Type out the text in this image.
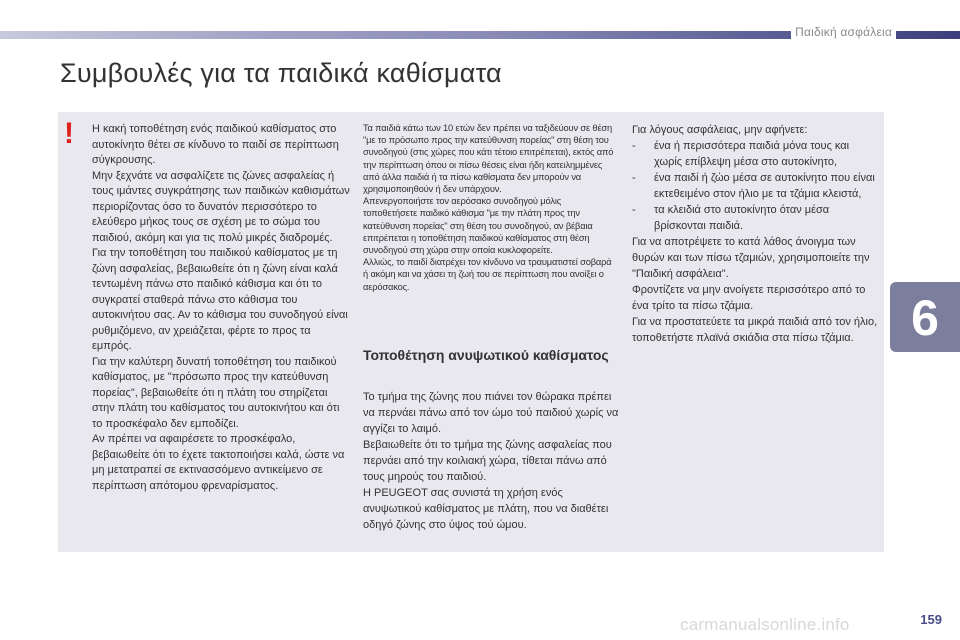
Παιδική ασφάλεια
Συμβουλές για τα παιδικά καθίσματα
! Η κακή τοποθέτηση ενός παιδικού καθίσματος στο αυτοκίνητο θέτει σε κίνδυνο το παιδί σε περίπτωση σύγκρουσης.

Μην ξεχνάτε να ασφαλίζετε τις ζώνες ασφαλείας ή τους ιμάντες συγκράτησης των παιδικών καθισμάτων περιορίζοντας όσο το δυνατόν περισσότερο το ελεύθερο μήκος τους σε σχέση με το σώμα του παιδιού, ακόμη και για τις πολύ μικρές διαδρομές.

Για την τοποθέτηση του παιδικού καθίσματος με τη ζώνη ασφαλείας, βεβαιωθείτε ότι η ζώνη είναι καλά τεντωμένη πάνω στο παιδικό κάθισμα και ότι το συγκρατεί σταθερά πάνω στο κάθισμα του αυτοκινήτου σας. Αν το κάθισμα του συνοδηγού είναι ρυθμιζόμενο, αν χρειάζεται, φέρτε το προς τα εμπρός.

Για την καλύτερη δυνατή τοποθέτηση του παιδικού καθίσματος, με "πρόσωπο προς την κατεύθυνση πορείας", βεβαιωθείτε ότι η πλάτη του στηρίζεται στην πλάτη του καθίσματος του αυτοκινήτου και ότι το προσκέφαλο δεν εμποδίζει.

Αν πρέπει να αφαιρέσετε το προσκέφαλο, βεβαιωθείτε ότι το έχετε τακτοποιήσει καλά, ώστε να μη μετατραπεί σε εκτινασσόμενο αντικείμενο σε περίπτωση απότομου φρεναρίσματος.

Τα παιδιά κάτω των 10 ετών δεν πρέπει να ταξιδεύουν σε θέση "με το πρόσωπο προς την κατεύθυνση πορείας" στη θέση του συνοδηγού (στις χώρες που κάτι τέτοιο επιτρέπεται), εκτός από την περίπτωση όπου οι πίσω θέσεις είναι ήδη κατειλημμένες από άλλα παιδιά ή τα πίσω καθίσματα δεν μπορούν να χρησιμοποιηθούν ή δεν υπάρχουν.

Απενεργοποιήστε τον αερόσακο συνοδηγού μόλις τοποθετήσετε παιδικό κάθισμα "με την πλάτη προς την κατεύθυνση πορείας" στη θέση του συνοδηγού, αν βέβαια επιτρέπεται η τοποθέτηση παιδικού καθίσματος στη θέση συνοδηγού στη χώρα στην οποία κυκλοφορείτε.

Αλλιώς, το παιδί διατρέχει τον κίνδυνο να τραυματιστεί σοβαρά ή ακόμη και να χάσει τη ζωή του σε περίπτωση που ανοίξει ο αερόσακος.

Τοποθέτηση ανυψωτικού καθίσματος

Το τμήμα της ζώνης που πιάνει τον θώρακα πρέπει να περνάει πάνω από τον ώμο τού παιδιού χωρίς να αγγίζει το λαιμό.

Βεβαιωθείτε ότι το τμήμα της ζώνης ασφαλείας που περνάει από την κοιλιακή χώρα, τίθεται πάνω από τους μηρούς του παιδιού.

Η PEUGEOT σας συνιστά τη χρήση ενός ανυψωτικού καθίσματος με πλάτη, που να διαθέτει οδηγό ζώνης στο ύψος τού ώμου.

Για λόγους ασφάλειας, μην αφήνετε:

- ένα ή περισσότερα παιδιά μόνα τους και χωρίς επίβλεψη μέσα στο αυτοκίνητο,
- ένα παιδί ή ζώο μέσα σε αυτοκίνητο που είναι εκτεθειμένο στον ήλιο με τα τζάμια κλειστά,
- τα κλειδιά στο αυτοκίνητο όταν μέσα βρίσκονται παιδιά.

Για να αποτρέψετε το κατά λάθος άνοιγμα των θυρών και των πίσω τζαμιών, χρησιμοποιείτε την "Παιδική ασφάλεια".

Φροντίζετε να μην ανοίγετε περισσότερο από το ένα τρίτο τα πίσω τζάμια.

Για να προστατεύετε τα μικρά παιδιά από τον ήλιο, τοποθετήστε πλαϊνά σκιάδια στα πίσω τζάμια.	6
carmanualsonline.info	159
